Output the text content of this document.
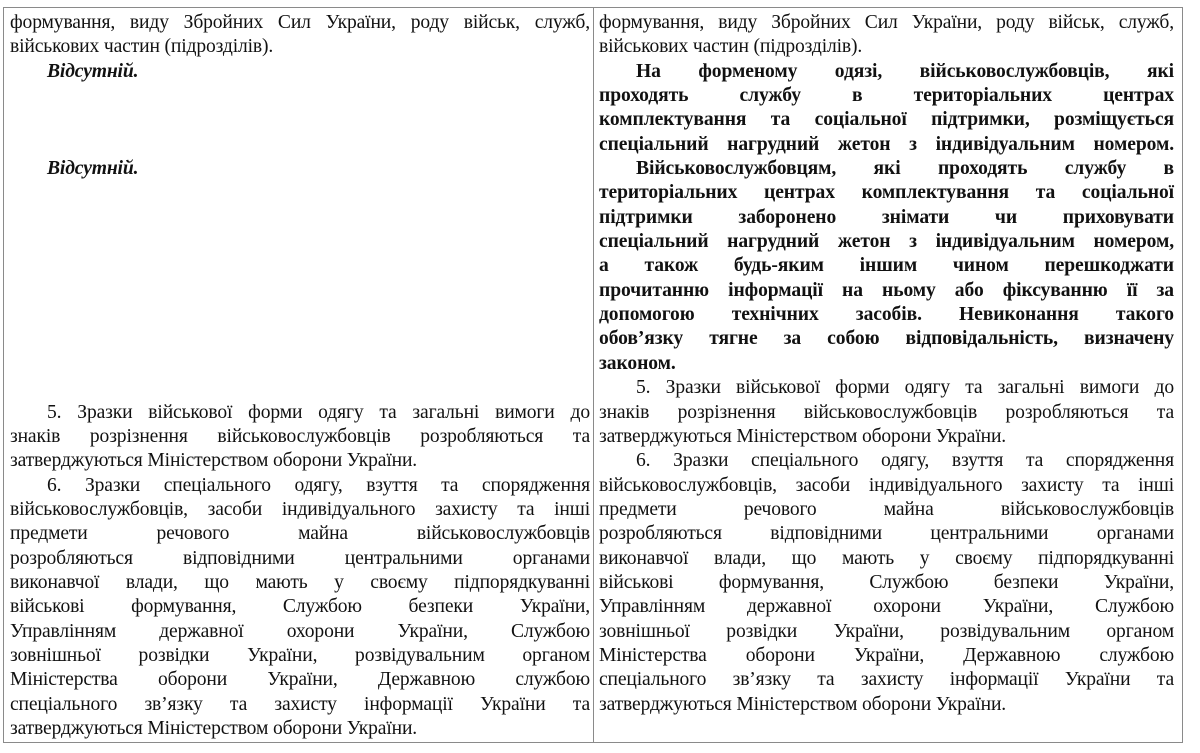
формування, виду Збройних Сил України, роду військ, служб,
військових частин (підрозділів).
Відсутній.

Відсутній.

5. Зразки військової форми одягу та загальні вимоги до
знаків розрізнення військовослужбовців розробляються та
затверджуються Міністерством оборони України.
6. Зразки спеціального одягу, взуття та спорядження
військовослужбовців, засоби індивідуального захисту та інші
предмети речового майна військовослужбовців
розробляються відповідними центральними органами
виконавчої влади, що мають у своєму підпорядкуванні
військові формування, Службою безпеки України,
Управлінням державної охорони України, Службою
зовнішньої розвідки України, розвідувальним органом
Міністерства оборони України, Державною службою
спеціального зв’язку та захисту інформації України та
затверджуються Міністерством оборони України.
формування, виду Збройних Сил України, роду військ, служб,
військових частин (підрозділів).
На форменому одязі, військовослужбовців, які
проходять службу в територіальних центрах
комплектування та соціальної підтримки, розміщується
спеціальний нагрудний жетон з індивідуальним номером.
Військовослужбовцям, які проходять службу в
територіальних центрах комплектування та соціальної
підтримки заборонено знімати чи приховувати
спеціальний нагрудний жетон з індивідуальним номером,
а також будь-яким іншим чином перешкоджати
прочитанню інформації на ньому або фіксуванню її за
допомогою технічних засобів. Невиконання такого
обов’язку тягне за собою відповідальність, визначену
законом.
5. Зразки військової форми одягу та загальні вимоги до
знаків розрізнення військовослужбовців розробляються та
затверджуються Міністерством оборони України.
6. Зразки спеціального одягу, взуття та спорядження
військовослужбовців, засоби індивідуального захисту та інші
предмети речового майна військовослужбовців
розробляються відповідними центральними органами
виконавчої влади, що мають у своєму підпорядкуванні
військові формування, Службою безпеки України,
Управлінням державної охорони України, Службою
зовнішньої розвідки України, розвідувальним органом
Міністерства оборони України, Державною службою
спеціального зв’язку та захисту інформації України та
затверджуються Міністерством оборони України.
